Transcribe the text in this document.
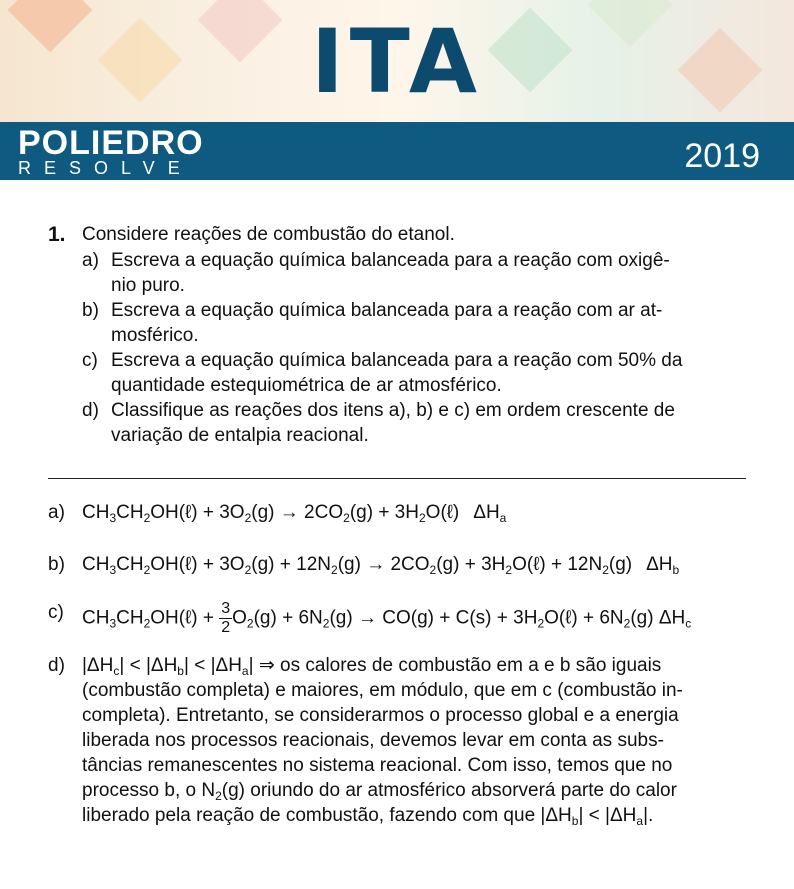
ITA
POLIEDRO
RESOLVE	2019
1. Considere reações de combustão do etanol.
a) Escreva a equação química balanceada para a reação com oxigê-
nio puro.
b) Escreva a equação química balanceada para a reação com ar at-
mosférico.
c) Escreva a equação química balanceada para a reação com 50% da
quantidade estequiométrica de ar atmosférico.
d) Classifique as reações dos itens a), b) e c) em ordem crescente de
variação de entalpia reacional.
a) $CH_3CH_2OH(\ell) + 3O_2(g) \to 2CO_2(g)$ + $3H_2O(\ell)$ $\Delta H_a$
b) $CH_3CH_2OH(\ell) + 3O_2(g) + 12N_2(g) \to 2CO_2(g)$ + $3H_2O(\ell) + 12N_2(g)$ $\Delta H_b$
c) $CH_3CH_2OH(\ell) + \frac{3}{2} O_2(g) + 6N_2(g) \to CO(g) + C(s)$ + $3H_2O(\ell) + 6N_2(g)$ $\Delta H_c$
d) $|\Delta H_c| < |\Delta H_b| < |\Delta H_a|$ ⇒ os calores de combustão em a e b são iguais

(combustão completa) e maiores, em módulo, que em c (combustão in-

completa). Entretanto, se considerarmos o processo global e a energia

liberada nos processos reacionais, devemos levar em conta as subs-

tâncias remanescentes no sistema reacional. Com isso, temos que no

processo b, o $N_2(g)$ oriundo do ar atmosférico absorverá parte do calor

liberado pela reação de combustão, fazendo com que $|\Delta H_b| < |\Delta H_a|$.
